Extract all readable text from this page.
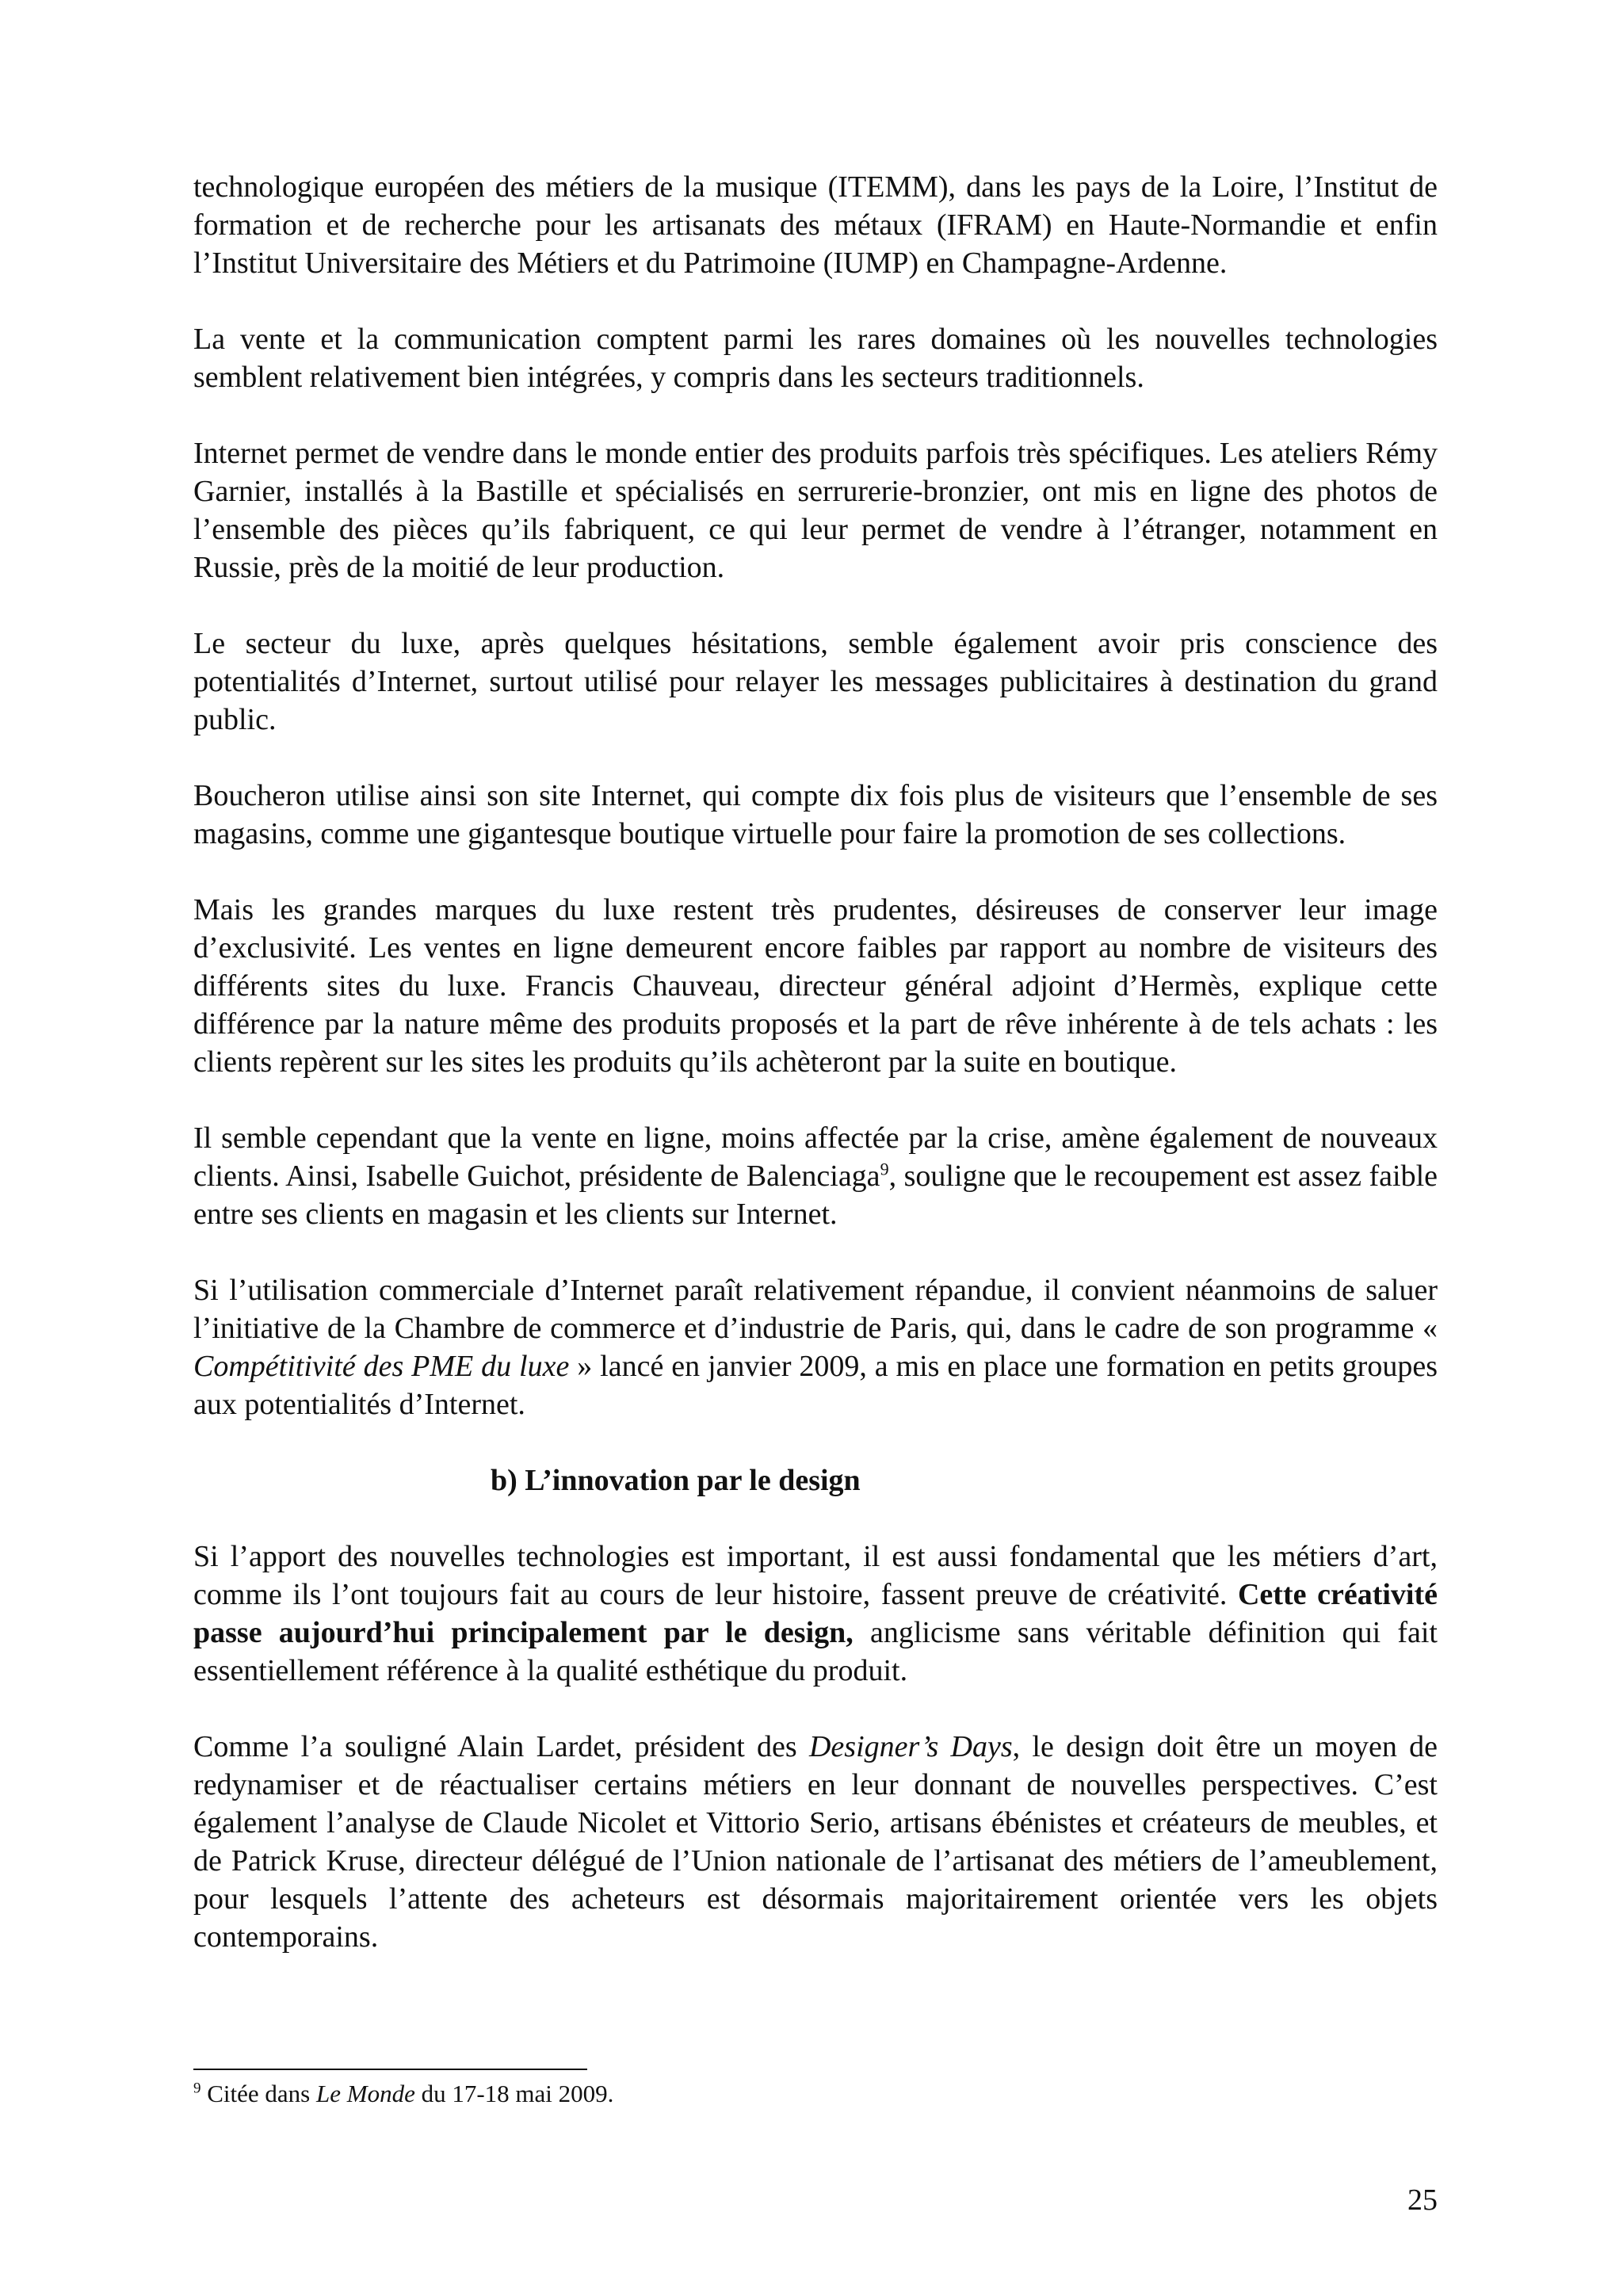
technologique européen des métiers de la musique (ITEMM), dans les pays de la Loire, l’Institut de formation et de recherche pour les artisanats des métaux (IFRAM) en Haute-Normandie et enfin l’Institut Universitaire des Métiers et du Patrimoine (IUMP) en Champagne-Ardenne.

La vente et la communication comptent parmi les rares domaines où les nouvelles technologies semblent relativement bien intégrées, y compris dans les secteurs traditionnels.

Internet permet de vendre dans le monde entier des produits parfois très spécifiques. Les ateliers Rémy Garnier, installés à la Bastille et spécialisés en serrurerie-bronzier, ont mis en ligne des photos de l’ensemble des pièces qu’ils fabriquent, ce qui leur permet de vendre à l’étranger, notamment en Russie, près de la moitié de leur production.

Le secteur du luxe, après quelques hésitations, semble également avoir pris conscience des potentialités d’Internet, surtout utilisé pour relayer les messages publicitaires à destination du grand public.

Boucheron utilise ainsi son site Internet, qui compte dix fois plus de visiteurs que l’ensemble de ses magasins, comme une gigantesque boutique virtuelle pour faire la promotion de ses collections.

Mais les grandes marques du luxe restent très prudentes, désireuses de conserver leur image d’exclusivité. Les ventes en ligne demeurent encore faibles par rapport au nombre de visiteurs des différents sites du luxe. Francis Chauveau, directeur général adjoint d’Hermès, explique cette différence par la nature même des produits proposés et la part de rêve inhérente à de tels achats : les clients repèrent sur les sites les produits qu’ils achèteront par la suite en boutique.

Il semble cependant que la vente en ligne, moins affectée par la crise, amène également de nouveaux clients. Ainsi, Isabelle Guichot, présidente de Balenciaga$^9$, souligne que le recoupement est assez faible entre ses clients en magasin et les clients sur Internet.

Si l’utilisation commerciale d’Internet paraît relativement répandue, il convient néanmoins de saluer l’initiative de la Chambre de commerce et d’industrie de Paris, qui, dans le cadre de son programme « Compétitivité des PME du luxe » lancé en janvier 2009, a mis en place une formation en petits groupes aux potentialités d’Internet.

b) L’innovation par le design

Si l’apport des nouvelles technologies est important, il est aussi fondamental que les métiers d’art, comme ils l’ont toujours fait au cours de leur histoire, fassent preuve de créativité. Cette créativité passe aujourd’hui principalement par le design, anglicisme sans véritable définition qui fait essentiellement référence à la qualité esthétique du produit.

Comme l’a souligné Alain Lardet, président des Designer’s Days, le design doit être un moyen de redynamiser et de réactualiser certains métiers en leur donnant de nouvelles perspectives. C’est également l’analyse de Claude Nicolet et Vittorio Serio, artisans ébénistes et créateurs de meubles, et de Patrick Kruse, directeur délégué de l’Union nationale de l’artisanat des métiers de l’ameublement, pour lesquels l’attente des acheteurs est désormais majoritairement orientée vers les objets contemporains.

$^9$ Citée dans Le Monde du 17-18 mai 2009.
25
